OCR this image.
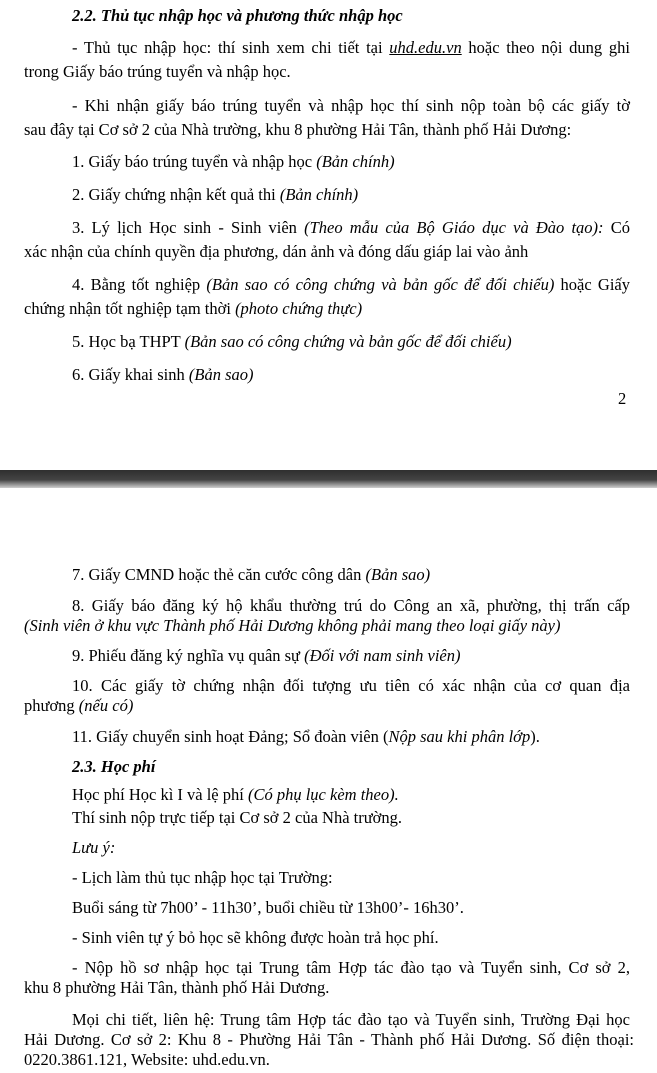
2.2. Thủ tục nhập học và phương thức nhập học
- Thủ tục nhập học: thí sinh xem chi tiết tại uhd.edu.vn hoặc theo nội dung ghi
trong Giấy báo trúng tuyển và nhập học.
- Khi nhận giấy báo trúng tuyển và nhập học thí sinh nộp toàn bộ các giấy tờ
sau đây tại Cơ sở 2 của Nhà trường, khu 8 phường Hải Tân, thành phố Hải Dương:
1. Giấy báo trúng tuyển và nhập học (Bản chính)
2. Giấy chứng nhận kết quả thi (Bản chính)
3. Lý lịch Học sinh - Sinh viên (Theo mẫu của Bộ Giáo dục và Đào tạo): Có
xác nhận của chính quyền địa phương, dán ảnh và đóng dấu giáp lai vào ảnh
4. Bằng tốt nghiệp (Bản sao có công chứng và bản gốc để đối chiếu) hoặc Giấy
chứng nhận tốt nghiệp tạm thời (photo chứng thực)
5. Học bạ THPT (Bản sao có công chứng và bản gốc để đối chiếu)
6. Giấy khai sinh (Bản sao)
2
7. Giấy CMND hoặc thẻ căn cước công dân (Bản sao)
8. Giấy báo đăng ký hộ khẩu thường trú do Công an xã, phường, thị trấn cấp
(Sinh viên ở khu vực Thành phố Hải Dương không phải mang theo loại giấy này)
9. Phiếu đăng ký nghĩa vụ quân sự (Đối với nam sinh viên)
10. Các giấy tờ chứng nhận đối tượng ưu tiên có xác nhận của cơ quan địa
phương (nếu có)
11. Giấy chuyển sinh hoạt Đảng; Sổ đoàn viên (Nộp sau khi phân lớp).
2.3. Học phí
Học phí Học kì I và lệ phí (Có phụ lục kèm theo).
Thí sinh nộp trực tiếp tại Cơ sở 2 của Nhà trường.
Lưu ý:
- Lịch làm thủ tục nhập học tại Trường:
Buổi sáng từ 7h00’ - 11h30’, buổi chiều từ 13h00’- 16h30’.
- Sinh viên tự ý bỏ học sẽ không được hoàn trả học phí.
- Nộp hồ sơ nhập học tại Trung tâm Hợp tác đào tạo và Tuyển sinh, Cơ sở 2,
khu 8 phường Hải Tân, thành phố Hải Dương.
Mọi chi tiết, liên hệ: Trung tâm Hợp tác đào tạo và Tuyển sinh, Trường Đại học
Hải Dương. Cơ sở 2: Khu 8 - Phường Hải Tân - Thành phố Hải Dương. Số điện thoại:
0220.3861.121, Website: uhd.edu.vn.
